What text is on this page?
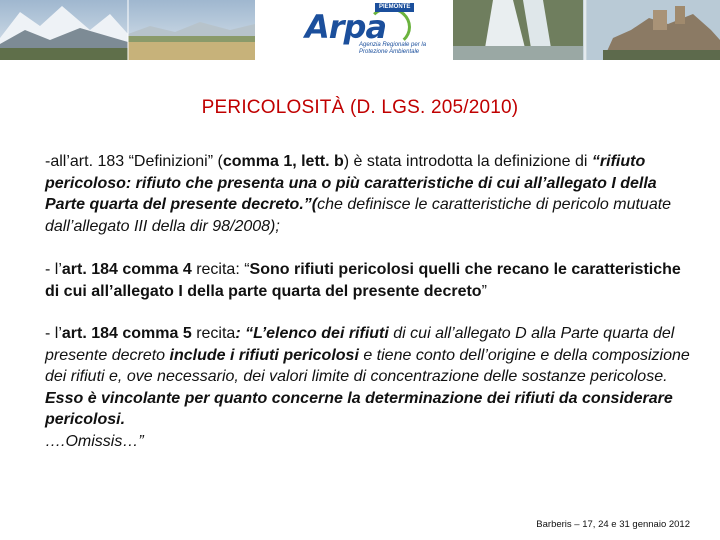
PIEMONTE
Arpa
Agenzia Regionale per la Protezione Ambientale
PERICOLOSITÀ (D. LGS. 205/2010)

-all’art. 183 “Definizioni” (comma 1, lett. b) è stata introdotta la definizione di “rifiuto pericoloso: rifiuto che presenta una o più caratteristiche di cui all’allegato I della Parte quarta del presente decreto.”(che definisce le caratteristiche di pericolo mutuate dall’allegato III della dir 98/2008);

- l’art. 184 comma 4 recita: “Sono rifiuti pericolosi quelli che recano le caratteristiche di cui all’allegato I della parte quarta del presente decreto”

- l’art. 184 comma 5 recita: “L’elenco dei rifiuti di cui all’allegato D alla Parte quarta del presente decreto include i rifiuti pericolosi e tiene conto dell’origine e della composizione dei rifiuti e, ove necessario, dei valori limite di concentrazione delle sostanze pericolose. Esso è vincolante per quanto concerne la determinazione dei rifiuti da considerare pericolosi.
….Omissis…”

Barberis – 17, 24 e 31 gennaio 2012
